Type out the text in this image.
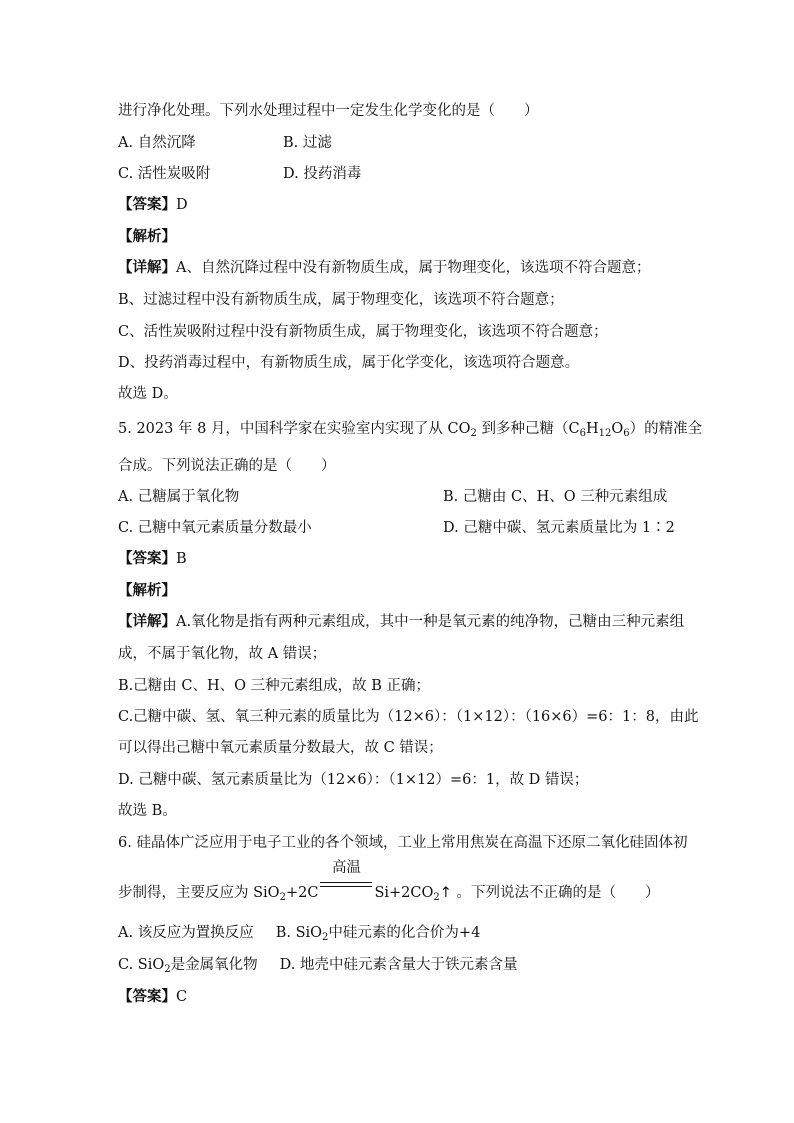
进行净化处理。下列水处理过程中一定发生化学变化的是（　　）
A. 自然沉降	B. 过滤
C. 活性炭吸附	D. 投药消毒
【答案】D
【解析】
【详解】A、自然沉降过程中没有新物质生成，属于物理变化，该选项不符合题意；
B、过滤过程中没有新物质生成，属于物理变化，该选项不符合题意；
C、活性炭吸附过程中没有新物质生成，属于物理变化，该选项不符合题意；
D、投药消毒过程中，有新物质生成，属于化学变化，该选项符合题意。
故选 D。
5. 2023 年 8 月，中国科学家在实验室内实现了从 $CO_2$ 到多种己糖$(C_6H_{12}O_6)$的精准全
合成。下列说法正确的是（　　）
A. 己糖属于氧化物	B. 己糖由 C、H、O 三种元素组成
C. 己糖中氧元素质量分数最小	D. 己糖中碳、氢元素质量比为 1∶2
【答案】B
【解析】
【详解】A.氧化物是指有两种元素组成，其中一种是氧元素的纯净物，己糖由三种元素组
成，不属于氧化物，故 A 错误；
B.己糖由 C、H、O 三种元素组成，故 B 正确；
C.己糖中碳、氢、氧三种元素的质量比为（12×6）：（1×12）：（16×6）=6：1：8，由此
可以得出己糖中氧元素质量分数最大，故 C 错误；
D. 己糖中碳、氢元素质量比为（12×6）：（1×12）=6：1，故 D 错误；
故选 B。
6. 硅晶体广泛应用于电子工业的各个领域，工业上常用焦炭在高温下还原二氧化硅固体初
步制得，主要反应为 SiO$_2$+2C
高温
$Si+2CO_2↑$ 。下列说法不正确的是（　　）
A. 该反应为置换反应 B. SiO$_2$中硅元素的化合价为+4
C. SiO$_2$是金属氧化物 D. 地壳中硅元素含量大于铁元素含量
【答案】C
